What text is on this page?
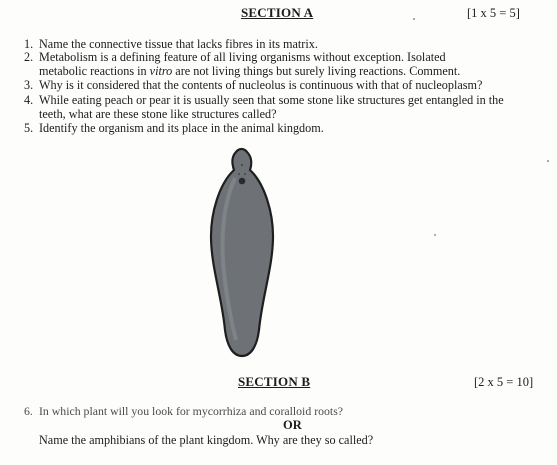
SECTION A	[1 x 5 = 5]
1. Name the connective tissue that lacks fibres in its matrix.
2. Metabolism is a defining feature of all living organisms without exception. Isolated
metabolic reactions in vitro are not living things but surely living reactions. Comment.
3. Why is it considered that the contents of nucleolus is continuous with that of nucleoplasm?
4. While eating peach or pear it is usually seen that some stone like structures get entangled in the
teeth, what are these stone like structures called?
5. Identify the organism and its place in the animal kingdom.
SECTION B	[2 x 5 = 10]
6. In which plant will you look for mycorrhiza and coralloid roots?
OR
Name the amphibians of the plant kingdom. Why are they so called?
